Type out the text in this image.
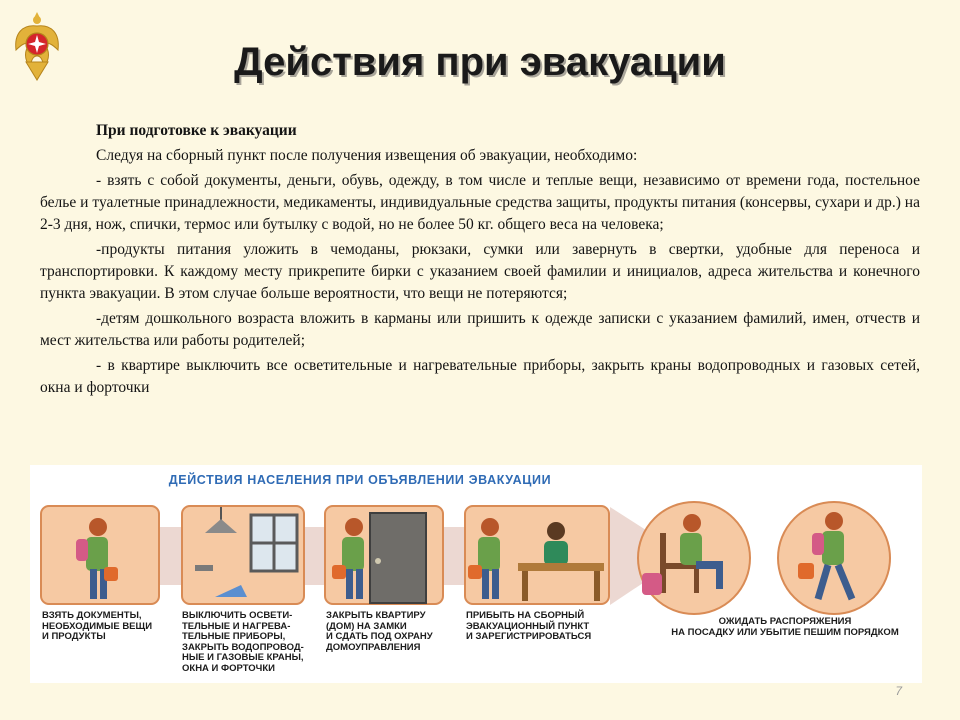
Действия при эвакуации

При подготовке к эвакуации

Следуя на сборный пункт после получения извещения об эвакуации, необходимо:

- взять с собой документы, деньги, обувь, одежду, в том числе и теплые вещи, независимо от времени года, постельное белье и туалетные принадлежности, медикаменты, индивидуальные средства защиты, продукты питания (консервы, сухари и др.) на 2-3 дня, нож, спички, термос или бутылку с водой, но не более 50 кг. общего веса на человека;

-продукты питания уложить в чемоданы, рюкзаки, сумки или завернуть в свертки, удобные для переноса и транспортировки. К каждому месту прикрепите бирки с указанием своей фамилии и инициалов, адреса жительства и конечного пункта эвакуации. В этом случае больше вероятности, что вещи не потеряются;

-детям дошкольного возраста вложить в карманы или пришить к одежде записки с указанием фамилий, имен, отчеств и мест жительства или работы родителей;

- в квартире выключить все осветительные и нагревательные приборы, закрыть краны водопроводных и газовых сетей, окна и форточки

ДЕЙСТВИЯ НАСЕЛЕНИЯ ПРИ ОБЪЯВЛЕНИИ ЭВАКУАЦИИ
ВЗЯТЬ ДОКУМЕНТЫ,
НЕОБХОДИМЫЕ ВЕЩИ
И ПРОДУКТЫ
ВЫКЛЮЧИТЬ ОСВЕТИ-
ТЕЛЬНЫЕ И НАГРЕВА-
ТЕЛЬНЫЕ ПРИБОРЫ,
ЗАКРЫТЬ ВОДОПРОВОД-
НЫЕ И ГАЗОВЫЕ КРАНЫ,
ОКНА И ФОРТОЧКИ
ЗАКРЫТЬ КВАРТИРУ
(ДОМ) НА ЗАМКИ
И СДАТЬ ПОД ОХРАНУ
ДОМОУПРАВЛЕНИЯ
ПРИБЫТЬ НА СБОРНЫЙ
ЭВАКУАЦИОННЫЙ ПУНКТ
И ЗАРЕГИСТРИРОВАТЬСЯ
ОЖИДАТЬ РАСПОРЯЖЕНИЯ
НА ПОСАДКУ ИЛИ УБЫТИЕ ПЕШИМ ПОРЯДКОМ
7
